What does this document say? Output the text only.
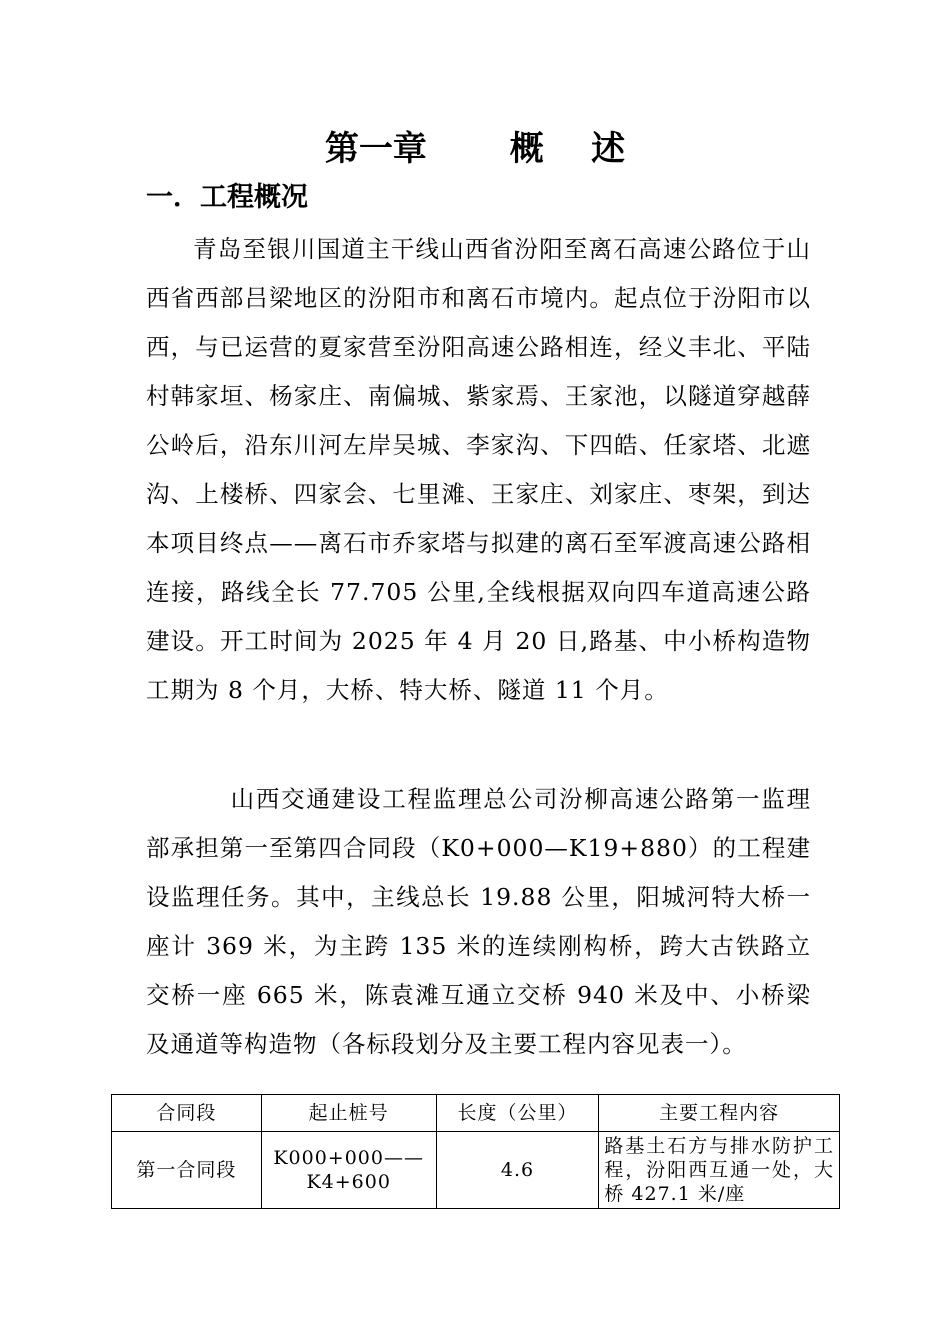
第一章       概    述
一．工程概况

青岛至银川国道主干线山西省汾阳至离石高速公路位于山西省西部吕梁地区的汾阳市和离石市境内。起点位于汾阳市以西，与已运营的夏家营至汾阳高速公路相连，经义丰北、平陆村韩家垣、杨家庄、南偏城、紫家焉、王家池，以隧道穿越薛公岭后，沿东川河左岸吴城、李家沟、下四皓、任家塔、北遮沟、上楼桥、四家会、七里滩、王家庄、刘家庄、枣架，到达本项目终点——离石市乔家塔与拟建的离石至军渡高速公路相连接，路线全长 77.705 公里,全线根据双向四车道高速公路建设。开工时间为 2025 年 4 月 20 日,路基、中小桥构造物工期为 8 个月，大桥、特大桥、隧道 11 个月。

山西交通建设工程监理总公司汾柳高速公路第一监理部承担第一至第四合同段（K0+000—K19+880）的工程建设监理任务。其中，主线总长 19.88 公里，阳城河特大桥一座计 369 米，为主跨 135 米的连续刚构桥，跨大古铁路立交桥一座 665 米，陈袁滩互通立交桥 940 米及中、小桥梁及通道等构造物（各标段划分及主要工程内容见表一）。

合同段	起止桩号	长度（公里）	主要工程内容
第一合同段	K000+000——K4+600	4.6	路基土石方与排水防护工程，汾阳西互通一处，大桥 427.1 米/座
